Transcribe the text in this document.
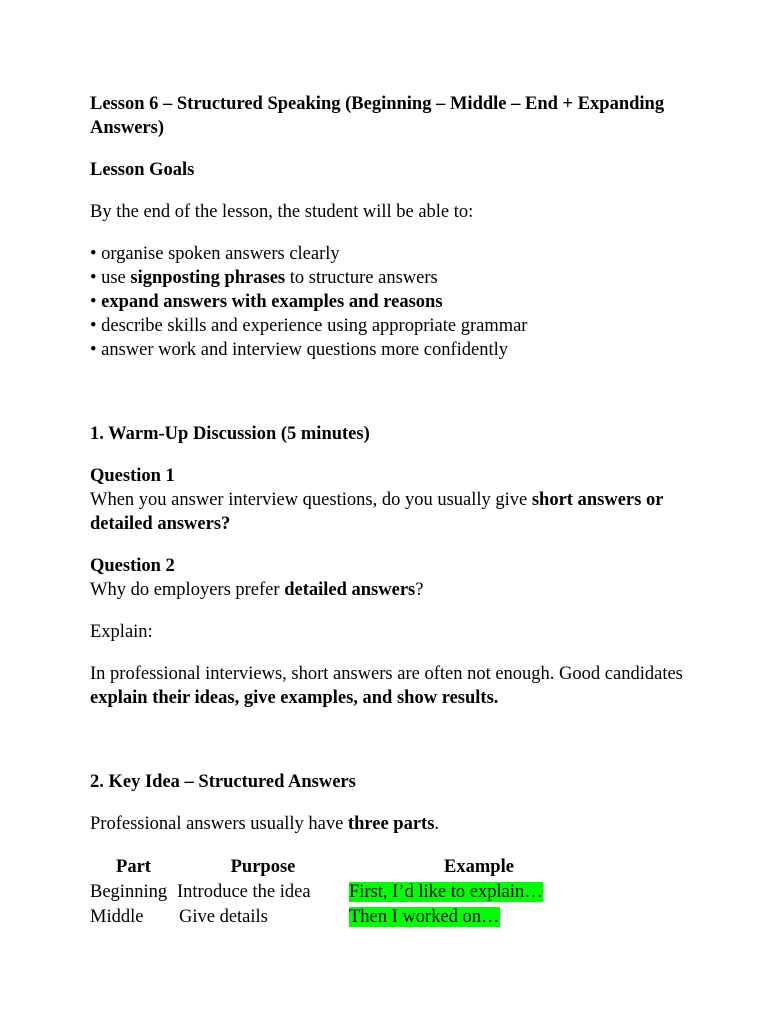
Lesson 6 – Structured Speaking (Beginning – Middle – End + Expanding Answers)

Lesson Goals

By the end of the lesson, the student will be able to:

• organise spoken answers clearly
• use signposting phrases to structure answers
• expand answers with examples and reasons
• describe skills and experience using appropriate grammar
• answer work and interview questions more confidently

1. Warm-Up Discussion (5 minutes)

Question 1

When you answer interview questions, do you usually give short answers or detailed answers?

Question 2

Why do employers prefer detailed answers?

Explain:

In professional interviews, short answers are often not enough. Good candidates explain their ideas, give examples, and show results.

2. Key Idea – Structured Answers

Professional answers usually have three parts.

Part	Purpose	Example
Beginning	Introduce the idea	First, I’d like to explain…
Middle	Give details	Then I worked on…
